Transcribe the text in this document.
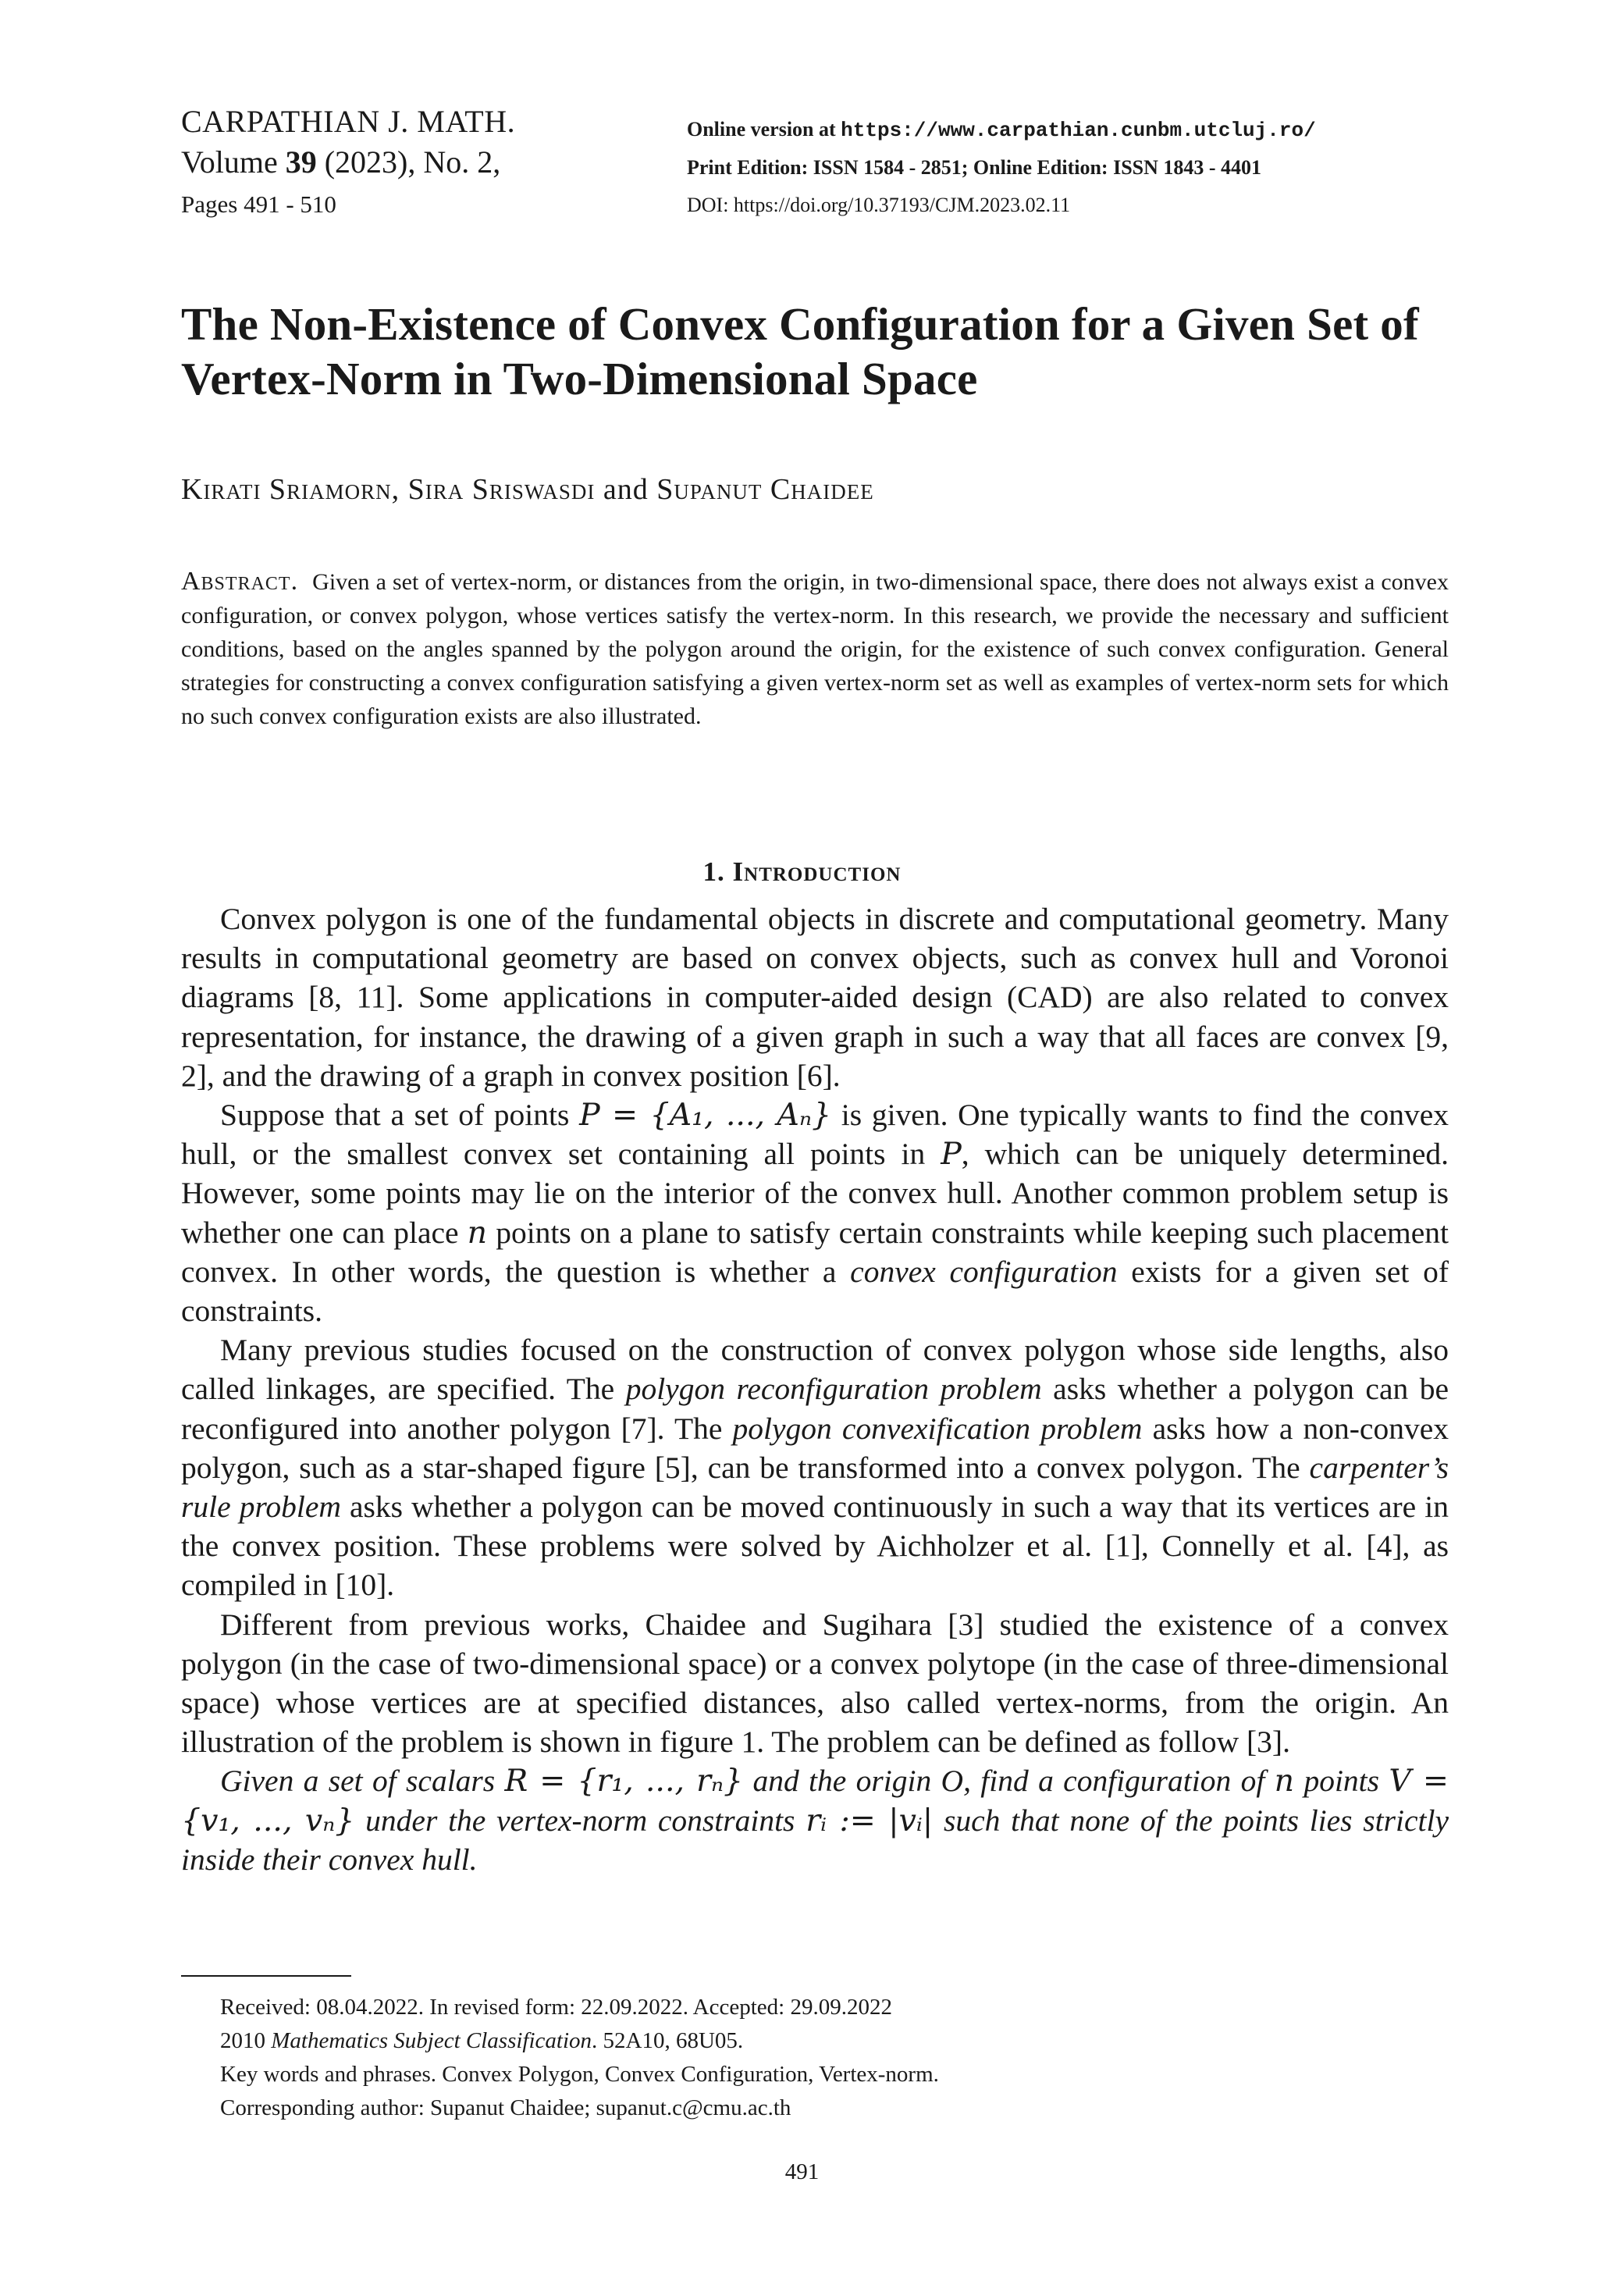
CARPATHIAN J. MATH.

Volume 39 (2023), No. 2,

Pages 491 - 510

Online version at https://www.carpathian.cunbm.utcluj.ro/

Print Edition: ISSN 1584 - 2851; Online Edition: ISSN 1843 - 4401

DOI: https://doi.org/10.37193/CJM.2023.02.11

The Non-Existence of Convex Configuration for a Given Set of Vertex-Norm in Two-Dimensional Space

Kirati Sriamorn, Sira Sriswasdi and Supanut Chaidee

Abstract. Given a set of vertex-norm, or distances from the origin, in two-dimensional space, there does not always exist a convex configuration, or convex polygon, whose vertices satisfy the vertex-norm. In this research, we provide the necessary and sufficient conditions, based on the angles spanned by the polygon around the origin, for the existence of such convex configuration. General strategies for constructing a convex configuration satisfying a given vertex-norm set as well as examples of vertex-norm sets for which no such convex configuration exists are also illustrated.

1. Introduction

Convex polygon is one of the fundamental objects in discrete and computational geometry. Many results in computational geometry are based on convex objects, such as convex hull and Voronoi diagrams [8, 11]. Some applications in computer-aided design (CAD) are also related to convex representation, for instance, the drawing of a given graph in such a way that all faces are convex [9, 2], and the drawing of a graph in convex position [6].

Suppose that a set of points P = {A₁, ..., Aₙ} is given. One typically wants to find the convex hull, or the smallest convex set containing all points in P, which can be uniquely determined. However, some points may lie on the interior of the convex hull. Another common problem setup is whether one can place n points on a plane to satisfy certain constraints while keeping such placement convex. In other words, the question is whether a convex configuration exists for a given set of constraints.

Many previous studies focused on the construction of convex polygon whose side lengths, also called linkages, are specified. The polygon reconfiguration problem asks whether a polygon can be reconfigured into another polygon [7]. The polygon convexification problem asks how a non-convex polygon, such as a star-shaped figure [5], can be transformed into a convex polygon. The carpenter’s rule problem asks whether a polygon can be moved continuously in such a way that its vertices are in the convex position. These problems were solved by Aichholzer et al. [1], Connelly et al. [4], as compiled in [10].

Different from previous works, Chaidee and Sugihara [3] studied the existence of a convex polygon (in the case of two-dimensional space) or a convex polytope (in the case of three-dimensional space) whose vertices are at specified distances, also called vertex-norms, from the origin. An illustration of the problem is shown in figure 1. The problem can be defined as follow [3].

Given a set of scalars R = {r₁, ..., rₙ} and the origin O, find a configuration of n points V = {v₁, ..., vₙ} under the vertex-norm constraints rᵢ := |vᵢ| such that none of the points lies strictly inside their convex hull.

Received: 08.04.2022. In revised form: 22.09.2022. Accepted: 29.09.2022

2010 Mathematics Subject Classification. 52A10, 68U05.

Key words and phrases. Convex Polygon, Convex Configuration, Vertex-norm.

Corresponding author: Supanut Chaidee; supanut.c@cmu.ac.th

491
